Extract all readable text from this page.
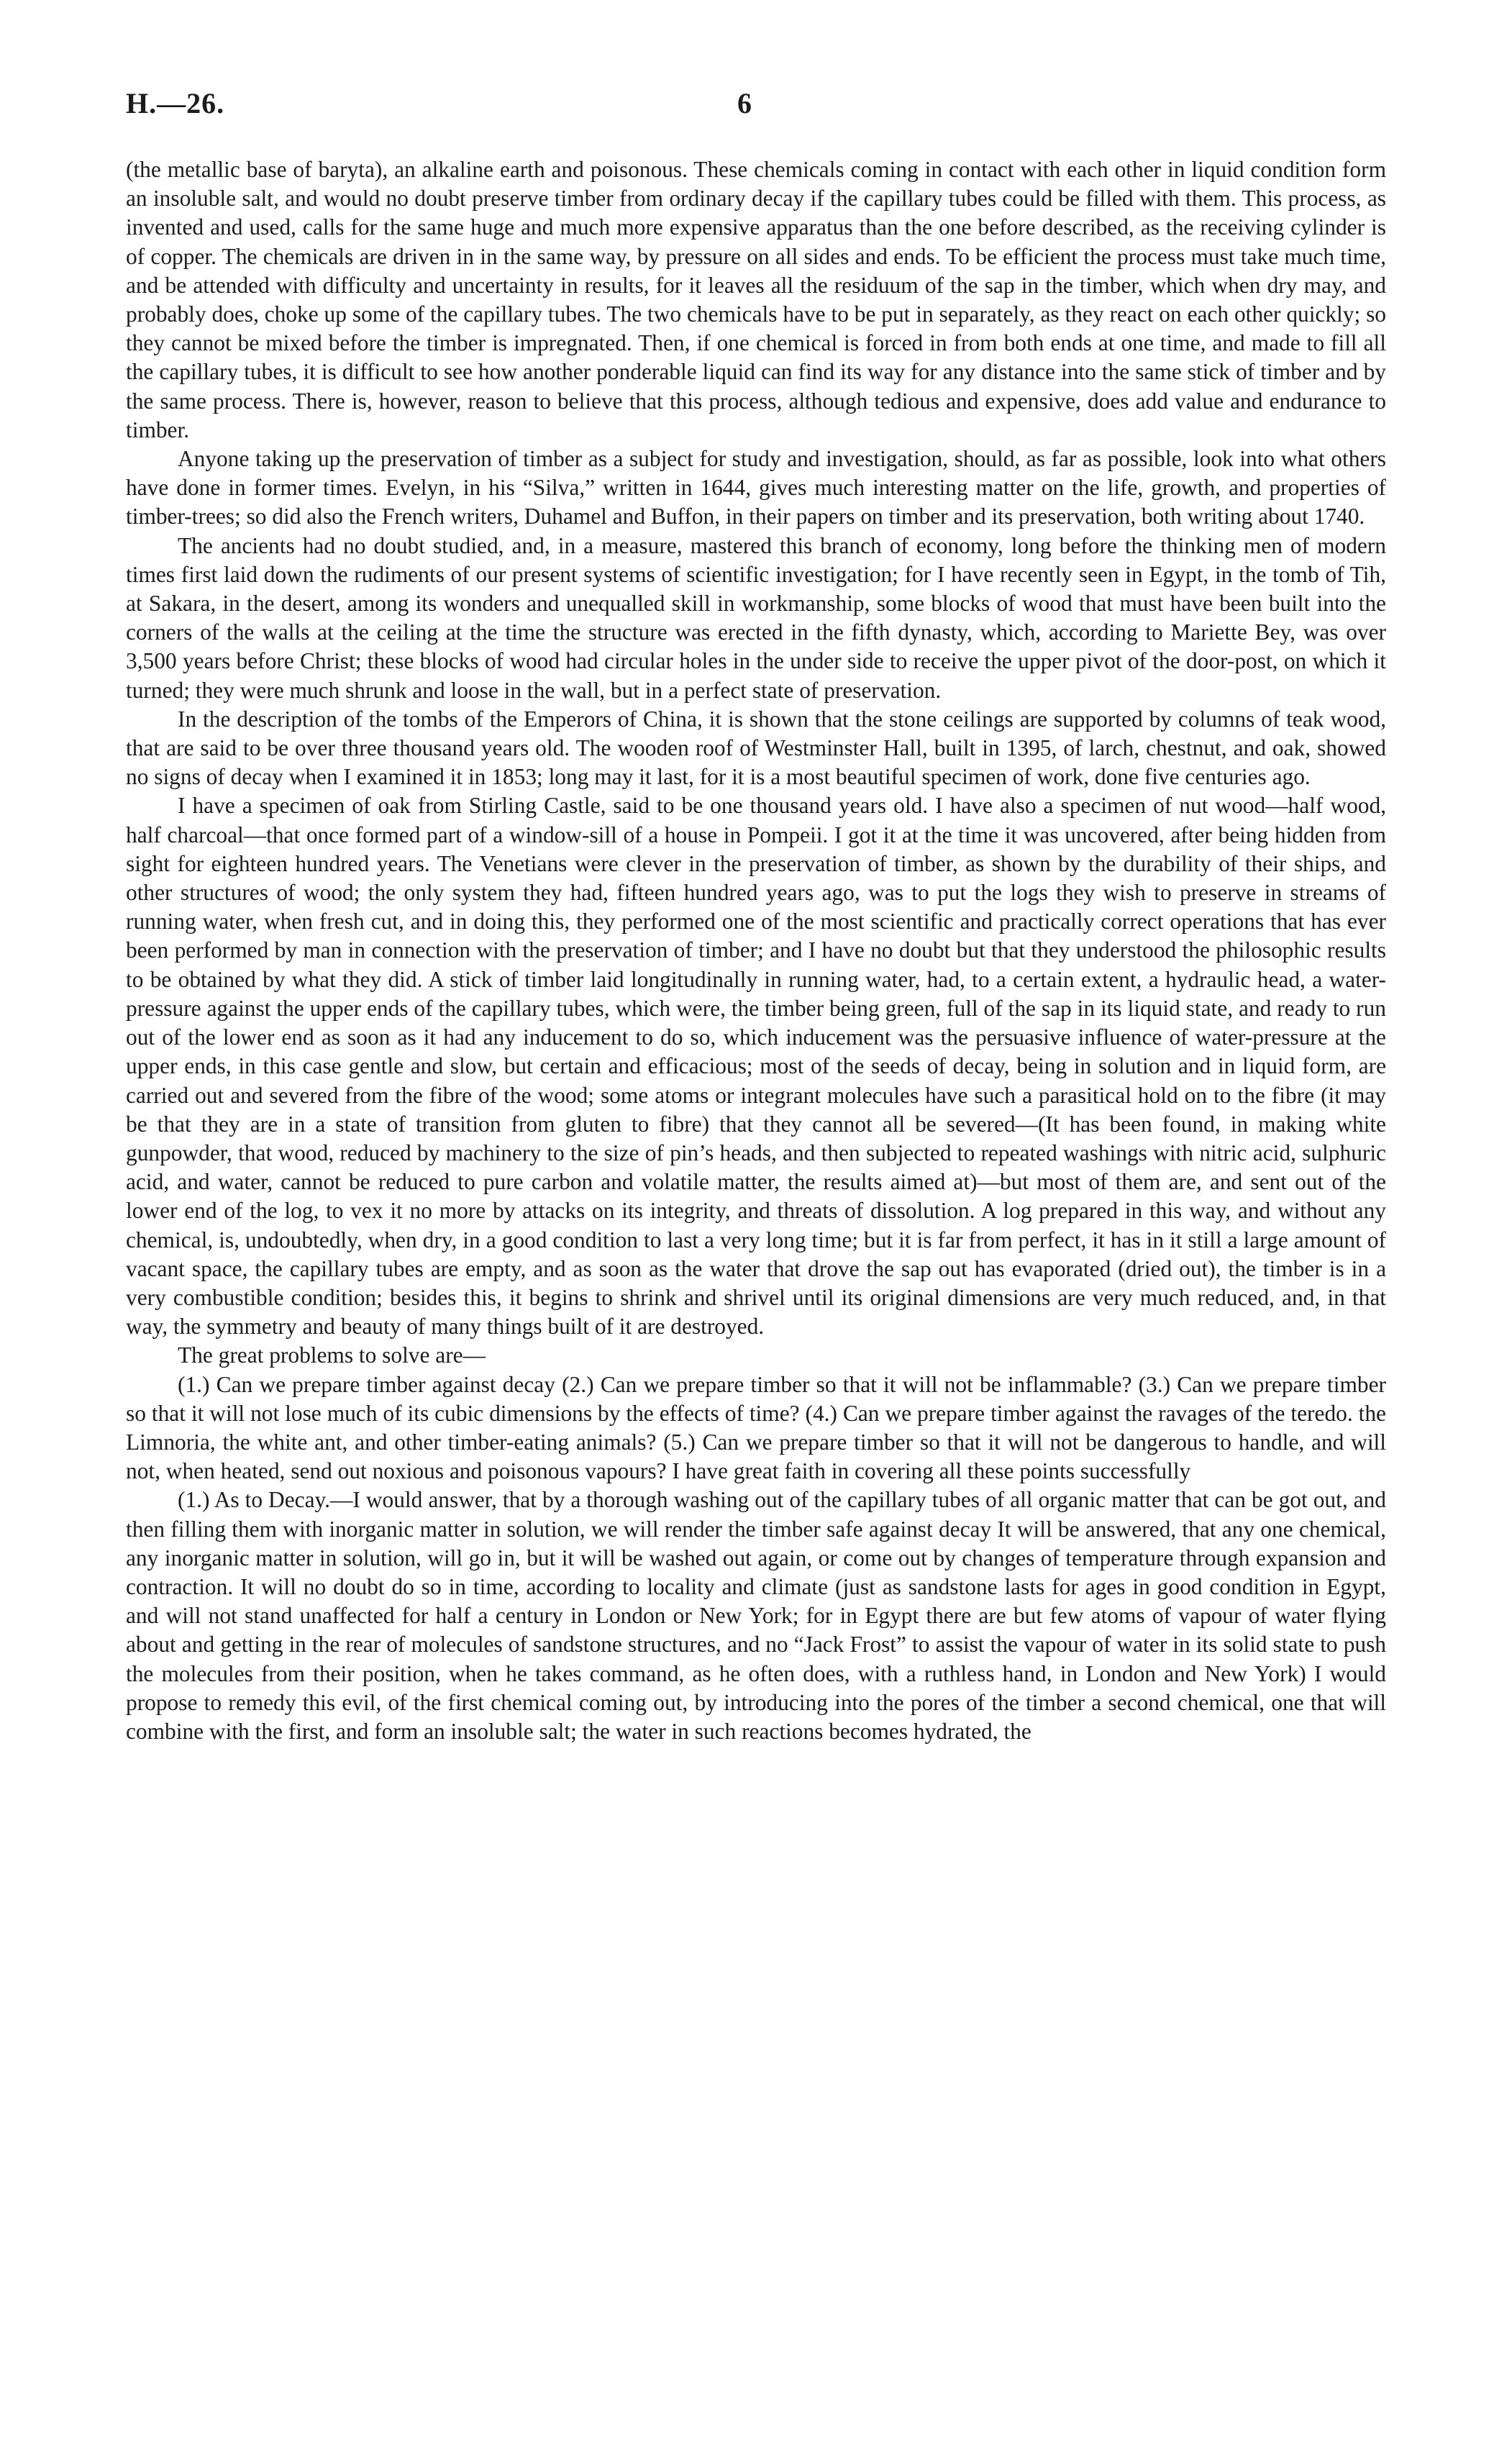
H.—26.	6

(the metallic base of baryta), an alkaline earth and poisonous. These chemicals coming in contact with each other in liquid condition form an insoluble salt, and would no doubt preserve timber from ordinary decay if the capillary tubes could be filled with them. This process, as invented and used, calls for the same huge and much more expensive apparatus than the one before described, as the receiving cylinder is of copper. The chemicals are driven in in the same way, by pressure on all sides and ends. To be efficient the process must take much time, and be attended with difficulty and uncertainty in results, for it leaves all the residuum of the sap in the timber, which when dry may, and probably does, choke up some of the capillary tubes. The two chemicals have to be put in separately, as they react on each other quickly; so they cannot be mixed before the timber is impregnated. Then, if one chemical is forced in from both ends at one time, and made to fill all the capillary tubes, it is difficult to see how another ponderable liquid can find its way for any distance into the same stick of timber and by the same process. There is, however, reason to believe that this process, although tedious and expensive, does add value and endurance to timber.

Anyone taking up the preservation of timber as a subject for study and investigation, should, as far as possible, look into what others have done in former times. Evelyn, in his “Silva,” written in 1644, gives much interesting matter on the life, growth, and properties of timber-trees; so did also the French writers, Duhamel and Buffon, in their papers on timber and its preservation, both writing about 1740.

The ancients had no doubt studied, and, in a measure, mastered this branch of economy, long before the thinking men of modern times first laid down the rudiments of our present systems of scientific investigation; for I have recently seen in Egypt, in the tomb of Tih, at Sakara, in the desert, among its wonders and unequalled skill in workmanship, some blocks of wood that must have been built into the corners of the walls at the ceiling at the time the structure was erected in the fifth dynasty, which, according to Mariette Bey, was over 3,500 years before Christ; these blocks of wood had circular holes in the under side to receive the upper pivot of the door-post, on which it turned; they were much shrunk and loose in the wall, but in a perfect state of preservation.

In the description of the tombs of the Emperors of China, it is shown that the stone ceilings are supported by columns of teak wood, that are said to be over three thousand years old. The wooden roof of Westminster Hall, built in 1395, of larch, chestnut, and oak, showed no signs of decay when I examined it in 1853; long may it last, for it is a most beautiful specimen of work, done five centuries ago.

I have a specimen of oak from Stirling Castle, said to be one thousand years old. I have also a specimen of nut wood—half wood, half charcoal—that once formed part of a window-sill of a house in Pompeii. I got it at the time it was uncovered, after being hidden from sight for eighteen hundred years. The Venetians were clever in the preservation of timber, as shown by the durability of their ships, and other structures of wood; the only system they had, fifteen hundred years ago, was to put the logs they wish to preserve in streams of running water, when fresh cut, and in doing this, they performed one of the most scientific and practically correct operations that has ever been performed by man in connection with the preservation of timber; and I have no doubt but that they understood the philosophic results to be obtained by what they did. A stick of timber laid longitudinally in running water, had, to a certain extent, a hydraulic head, a water-pressure against the upper ends of the capillary tubes, which were, the timber being green, full of the sap in its liquid state, and ready to run out of the lower end as soon as it had any inducement to do so, which inducement was the persuasive influence of water-pressure at the upper ends, in this case gentle and slow, but certain and efficacious; most of the seeds of decay, being in solution and in liquid form, are carried out and severed from the fibre of the wood; some atoms or integrant molecules have such a parasitical hold on to the fibre (it may be that they are in a state of transition from gluten to fibre) that they cannot all be severed—(It has been found, in making white gunpowder, that wood, reduced by machinery to the size of pin’s heads, and then subjected to repeated washings with nitric acid, sulphuric acid, and water, cannot be reduced to pure carbon and volatile matter, the results aimed at)—but most of them are, and sent out of the lower end of the log, to vex it no more by attacks on its integrity, and threats of dissolution. A log prepared in this way, and without any chemical, is, undoubtedly, when dry, in a good condition to last a very long time; but it is far from perfect, it has in it still a large amount of vacant space, the capillary tubes are empty, and as soon as the water that drove the sap out has evaporated (dried out), the timber is in a very combustible condition; besides this, it begins to shrink and shrivel until its original dimensions are very much reduced, and, in that way, the symmetry and beauty of many things built of it are destroyed.

The great problems to solve are—

(1.) Can we prepare timber against decay (2.) Can we prepare timber so that it will not be inflammable? (3.) Can we prepare timber so that it will not lose much of its cubic dimensions by the effects of time? (4.) Can we prepare timber against the ravages of the teredo. the Limnoria, the white ant, and other timber-eating animals? (5.) Can we prepare timber so that it will not be dangerous to handle, and will not, when heated, send out noxious and poisonous vapours? I have great faith in covering all these points successfully

(1.) As to Decay.—I would answer, that by a thorough washing out of the capillary tubes of all organic matter that can be got out, and then filling them with inorganic matter in solution, we will render the timber safe against decay It will be answered, that any one chemical, any inorganic matter in solution, will go in, but it will be washed out again, or come out by changes of temperature through expansion and contraction. It will no doubt do so in time, according to locality and climate (just as sandstone lasts for ages in good condition in Egypt, and will not stand unaffected for half a century in London or New York; for in Egypt there are but few atoms of vapour of water flying about and getting in the rear of molecules of sandstone structures, and no “Jack Frost” to assist the vapour of water in its solid state to push the molecules from their position, when he takes command, as he often does, with a ruthless hand, in London and New York) I would propose to remedy this evil, of the first chemical coming out, by introducing into the pores of the timber a second chemical, one that will combine with the first, and form an insoluble salt; the water in such reactions becomes hydrated, the
